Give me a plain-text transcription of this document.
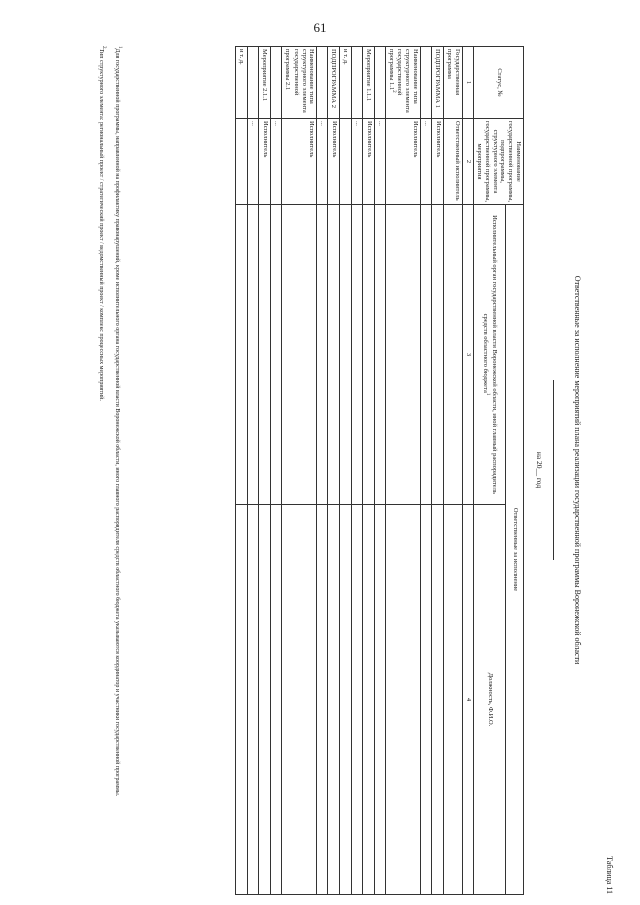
61
Таблица 11
Ответственные за исполнение мероприятий плана реализации государственной программы Воронежской области
на 20__ год
Статус, №	Наименование государственной программы, подпрограммы, структурного элемента государственной программы, мероприятия	Ответственные за исполнение	
		Исполнительный орган государственной власти Воронежской области, иной главный распорядитель средств областного бюджета$^1$	Должность, Ф.И.О.
1	2	3	4
Государственная программа	Ответственный исполнитель		
ПОДПРОГРАММА 1	Исполнитель		
	...		
Наименование типа структурного элемента государственной программы $1.1^2$	Исполнитель		
	...		
Мероприятие 1.1.1	Исполнитель		
	...		
и т. д.			
ПОДПРОГРАММА 2	Исполнитель		
	...		
Наименование типа структурного элемента государственной программы 2.1	Исполнитель		
	...		
Мероприятие 2.1.1	Исполнитель		
	...		
и т. д.			

$^1$Для государственной программы, направленной на профилактику правонарушений, кроме исполнительного органа государственной власти Воронежской области, иного главного распорядителя средств областного бюджета указываются координатор и участники государственной программы.

$^2$Тип структурного элемента: региональный проект / стратегический проект / ведомственный проект / комплекс процессных мероприятий.
